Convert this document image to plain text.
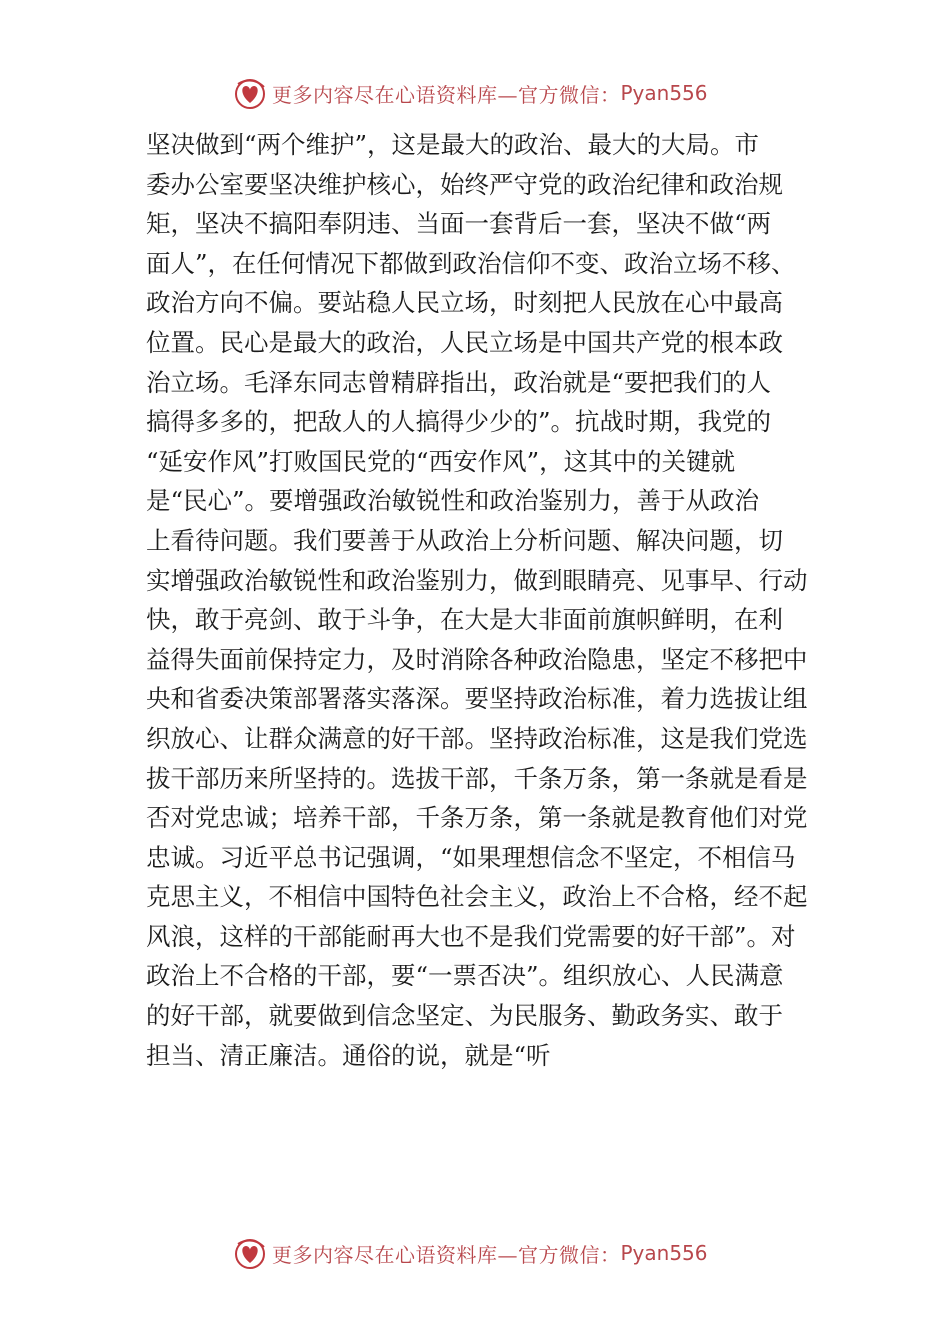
更多内容尽在心语资料库—官方微信： Pyan556
坚决做到“两个维护”，这是最大的政治、最大的大局。市
委办公室要坚决维护核心，始终严守党的政治纪律和政治规
矩，坚决不搞阳奉阴违、当面一套背后一套，坚决不做“两
面人”，在任何情况下都做到政治信仰不变、政治立场不移、
政治方向不偏。要站稳人民立场，时刻把人民放在心中最高
位置。民心是最大的政治，人民立场是中国共产党的根本政
治立场。毛泽东同志曾精辟指出，政治就是“要把我们的人
搞得多多的，把敌人的人搞得少少的”。抗战时期，我党的
“延安作风”打败国民党的“西安作风”，这其中的关键就
是“民心”。要增强政治敏锐性和政治鉴别力，善于从政治
上看待问题。我们要善于从政治上分析问题、解决问题，切
实增强政治敏锐性和政治鉴别力，做到眼睛亮、见事早、行动
快，敢于亮剑、敢于斗争，在大是大非面前旗帜鲜明，在利
益得失面前保持定力，及时消除各种政治隐患，坚定不移把中
央和省委决策部署落实落深。要坚持政治标准，着力选拔让组
织放心、让群众满意的好干部。坚持政治标准，这是我们党选
拔干部历来所坚持的。选拔干部，千条万条，第一条就是看是
否对党忠诚；培养干部，千条万条，第一条就是教育他们对党
忠诚。习近平总书记强调，“如果理想信念不坚定，不相信马
克思主义，不相信中国特色社会主义，政治上不合格，经不起
风浪，这样的干部能耐再大也不是我们党需要的好干部”。对
政治上不合格的干部，要“一票否决”。组织放心、人民满意
的好干部，就要做到信念坚定、为民服务、勤政务实、敢于
担当、清正廉洁。通俗的说，就是“听
更多内容尽在心语资料库—官方微信： Pyan556
